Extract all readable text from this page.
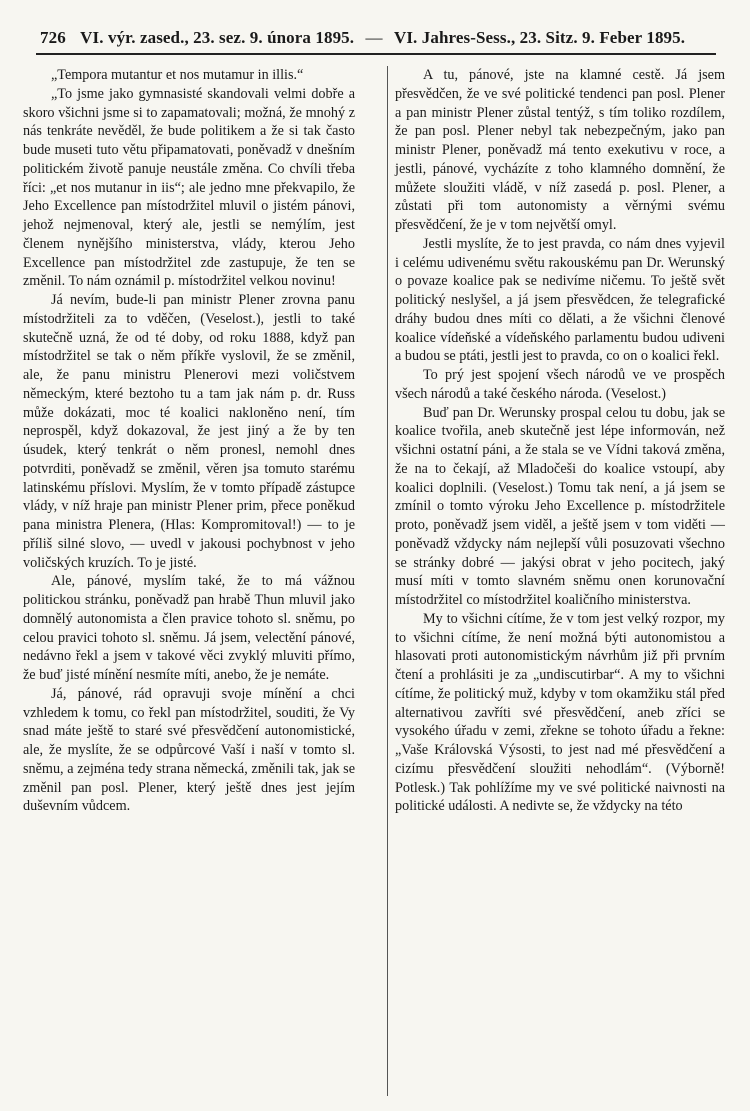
726 VI. výr. zased., 23. sez. 9. února 1895. — VI. Jahres-Sess., 23. Sitz. 9. Feber 1895.

„Tempora mutantur et nos mutamur in illis.“

„To jsme jako gymnasisté skandovali velmi dobře a skoro všichni jsme si to zapamatovali; možná, že mnohý z nás tenkráte nevěděl, že bude politikem a že si tak často bude museti tuto větu připamatovati, poněvadž v dnešním politickém životě panuje neustále změna. Co chvíli třeba říci: „et nos mutanur in iis“; ale jedno mne překvapilo, že Jeho Excellence pan místodržitel mluvil o jistém pánovi, jehož nejmenoval, který ale, jestli se nemýlím, jest členem nynějšího ministerstva, vlády, kterou Jeho Excellence pan místodržitel zde zastupuje, že ten se změnil. To nám oznámil p. místodržitel velkou novinu!

Já nevím, bude-li pan ministr Plener zrovna panu místodržiteli za to vděčen, (Veselost.), jestli to také skutečně uzná, že od té doby, od roku 1888, když pan místodržitel se tak o něm příkře vyslovil, že se změnil, ale, že panu ministru Plenerovi mezi voličstvem německým, které beztoho tu a tam jak nám p. dr. Russ může dokázati, moc té koalici nakloněno není, tím neprospěl, když dokazoval, že jest jiný a že by ten úsudek, který tenkrát o něm pronesl, nemohl dnes potvrditi, poněvadž se změnil, věren jsa tomuto starému latinskému příslovi. Myslím, že v tomto případě zástupce vlády, v níž hraje pan ministr Plener prim, přece poněkud pana ministra Plenera, (Hlas: Kompromitoval!) — to je příliš silné slovo, — uvedl v jakousi pochybnost v jeho voličských kruzích. To je jisté.

Ale, pánové, myslím také, že to má vážnou politickou stránku, poněvadž pan hrabě Thun mluvil jako domnělý autonomista a člen pravice tohoto sl. sněmu, po celou pravici tohoto sl. sněmu. Já jsem, velectění pánové, nedávno řekl a jsem v takové věci zvyklý mluviti přímo, že buď jisté mínění nesmíte míti, anebo, že je nemáte.

Já, pánové, rád opravuji svoje mínění a chci vzhledem k tomu, co řekl pan místodržitel, souditi, že Vy snad máte ještě to staré své přesvědčení autonomistické, ale, že myslíte, že se odpůrcové Vaší i naší v tomto sl. sněmu, a zejména tedy strana německá, změnili tak, jak se změnil pan posl. Plener, který ještě dnes jest jejím duševním vůdcem.

A tu, pánové, jste na klamné cestě. Já jsem přesvědčen, že ve své politické tendenci pan posl. Plener a pan ministr Plener zůstal tentýž, s tím toliko rozdílem, že pan posl. Plener nebyl tak nebezpečným, jako pan ministr Plener, poněvadž má tento exekutivu v roce, a jestli, pánové, vycházíte z toho klamného domnění, že můžete sloužiti vládě, v níž zasedá p. posl. Plener, a zůstati při tom autonomisty a věrnými svému přesvědčení, že je v tom největší omyl.

Jestli myslíte, že to jest pravda, co nám dnes vyjevil i celému udivenému světu rakouskému pan Dr. Werunský o povaze koalice pak se nedivíme ničemu. To ještě svět politický neslyšel, a já jsem přesvědcen, že telegrafické dráhy budou dnes míti co dělati, a že všichni členové koalice vídeňské a vídeňského parlamentu budou udiveni a budou se ptáti, jestli jest to pravda, co on o koalici řekl.

To prý jest spojení všech národů ve ve prospěch všech národů a také českého národa. (Veselost.)

Buď pan Dr. Werunsky prospal celou tu dobu, jak se koalice tvořila, aneb skutečně jest lépe informován, než všichni ostatní páni, a že stala se ve Vídni taková změna, že na to čekají, až Mladočeši do koalice vstoupí, aby koalici doplnili. (Veselost.) Tomu tak není, a já jsem se zmínil o tomto výroku Jeho Excellence p. místodržitele proto, poněvadž jsem viděl, a ještě jsem v tom viděti — poněvadž vždycky nám nejlepší vůli posuzovati všechno se stránky dobré — jakýsi obrat v jeho pocitech, jaký musí míti v tomto slavném sněmu onen korunovační místodržitel co místodržitel koaličního ministerstva.

My to všichni cítíme, že v tom jest velký rozpor, my to všichni cítíme, že není možná býti autonomistou a hlasovati proti autonomistickým návrhům již při prvním čtení a prohlásiti je za „undiscutirbar“. A my to všichni cítíme, že politický muž, kdyby v tom okamžiku stál před alternativou zavříti své přesvědčení, aneb zříci se vysokého úřadu v zemi, zřekne se tohoto úřadu a řekne: „Vaše Královská Výsosti, to jest nad mé přesvědčení a cizímu přesvědčení sloužiti nehodlám“. (Výborně! Potlesk.) Tak pohlížíme my ve své politické naivnosti na politické události. A nedivte se, že vždycky na této
